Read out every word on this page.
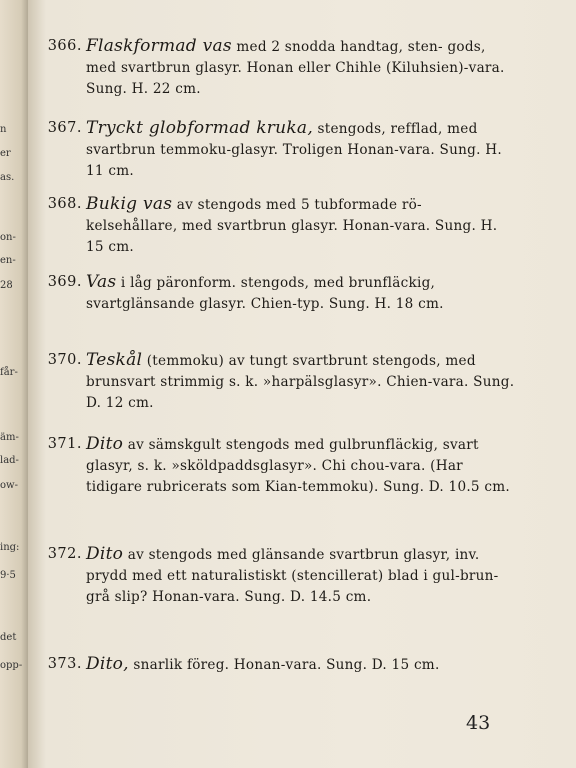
n
er
as.
on-
en-
28
får-
äm-
lad-
ow-
ing:
9·5
det
opp-
366. Flaskformad vas med 2 snodda handtag, sten- gods, med svartbrun glasyr. Honan eller Chihle (Kiluhsien)-vara. Sung. H. 22 cm.
367. Tryckt globformad kruka, stengods, refflad, med svartbrun temmoku-glasyr. Troligen Honan-vara. Sung. H. 11 cm.
368. Bukig vas av stengods med 5 tubformade rö- kelsehållare, med svartbrun glasyr. Honan-vara. Sung. H. 15 cm.
369. Vas i låg päronform. stengods, med brunfläckig, svartglänsande glasyr. Chien-typ. Sung. H. 18 cm.
370. Teskål (temmoku) av tungt svartbrunt stengods, med brunsvart strimmig s. k. »harpälsglasyr». Chien-vara. Sung. D. 12 cm.
371. Dito av sämskgult stengods med gulbrunfläckig, svart glasyr, s. k. »sköldpaddsglasyr». Chi chou-vara. (Har tidigare rubricerats som Kian-temmoku). Sung. D. 10.5 cm.
372. Dito av stengods med glänsande svartbrun glasyr, inv. prydd med ett naturalistiskt (stencillerat) blad i gul-brun-grå slip? Honan-vara. Sung. D. 14.5 cm.
373. Dito, snarlik föreg. Honan-vara. Sung. D. 15 cm.
43
